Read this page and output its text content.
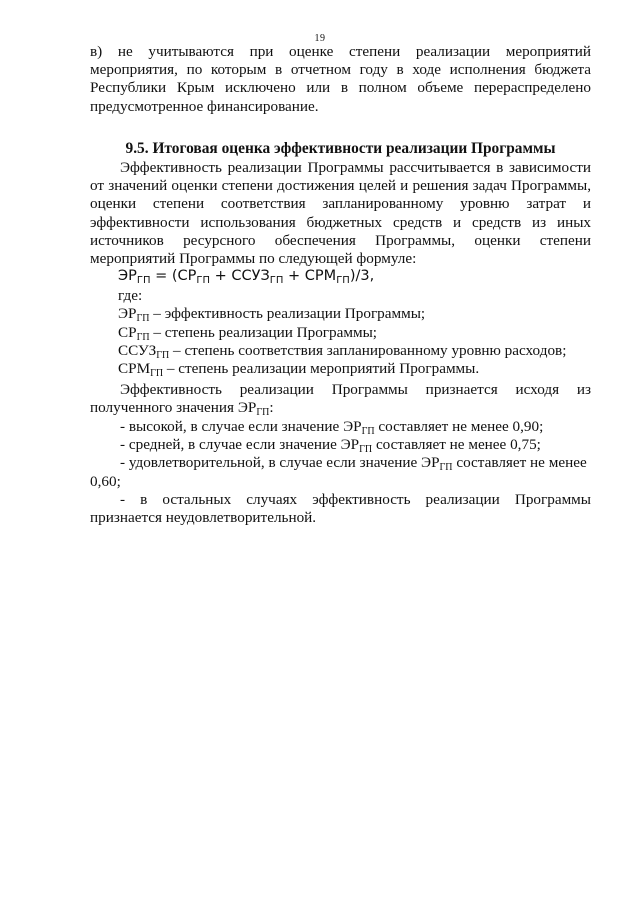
19
в) не учитываются при оценке степени реализации мероприятий
мероприятия, по которым в отчетном году в ходе исполнения бюджета
Республики Крым исключено или в полном объеме перераспределено
предусмотренное финансирование.
9.5. Итоговая оценка эффективности реализации Программы
Эффективность реализации Программы рассчитывается в зависимости
от значений оценки степени достижения целей и решения задач Программы,
оценки степени соответствия запланированному уровню затрат и
эффективности использования бюджетных средств и средств из иных
источников ресурсного обеспечения Программы, оценки степени
мероприятий Программы по следующей формуле:
$ЭР_{ГП} = (СР_{ГП}$ + $ССУЗ_{ГП} + СРМ_{ГП})/3$,
где:
$ЭР_{ГП}$ – эффективность реализации Программы;
$СР_{ГП}$ – степень реализации Программы;
$ССУЗ_{ГП}$ – степень соответствия запланированному уровню расходов;
$СРМ_{ГП}$ – степень реализации мероприятий Программы.
Эффективность реализации Программы признается исходя из
полученного значения $ЭР_{ГП}$:
- высокой, в случае если значение $ЭР_{ГП}$ составляет не менее 0,90;
- средней, в случае если значение $ЭР_{ГП}$ составляет не менее 0,75;
- удовлетворительной, в случае если значение $ЭР_{ГП}$ составляет не менее
0,60;
- в остальных случаях эффективность реализации Программы
признается неудовлетворительной.
